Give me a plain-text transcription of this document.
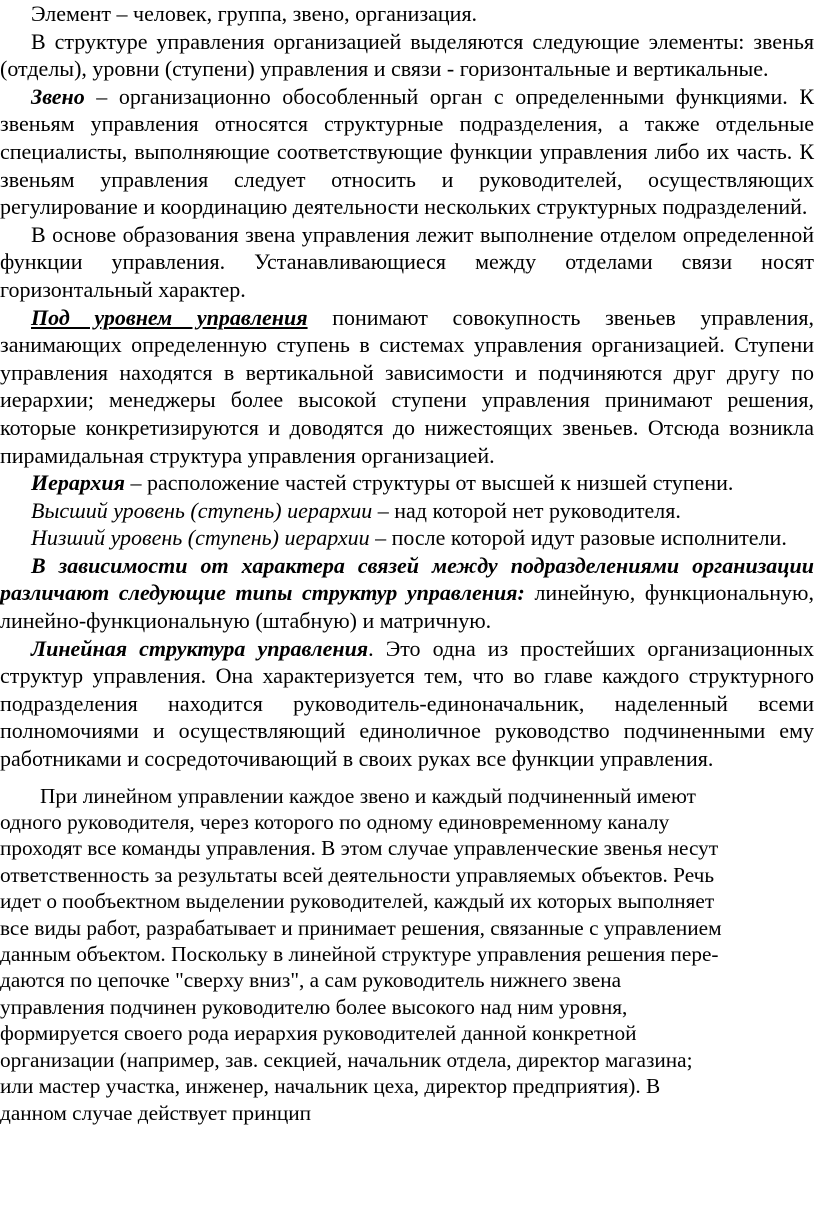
Элемент – человек, группа, звено, организация.

В структуре управления организацией выделяются следующие элементы: звенья (отделы), уровни (ступени) управления и связи - горизонтальные и вертикальные.

Звено – организационно обособленный орган с определенными функциями. К звеньям управления относятся структурные подразделения, а также отдельные специалисты, выполняющие соответствующие функции управления либо их часть. К звеньям управления следует относить и руководителей, осуществляющих регулирование и координацию деятельности нескольких структурных подразделений.

В основе образования звена управления лежит выполнение отделом определенной функции управления. Устанавливающиеся между отделами связи носят горизонтальный характер.

Под уровнем управления понимают совокупность звеньев управления, занимающих определенную ступень в системах управления организацией. Ступени управления находятся в вертикальной зависимости и подчиняются друг другу по иерархии; менеджеры более высокой ступени управления принимают решения, которые конкретизируются и доводятся до нижестоящих звеньев. Отсюда возникла пирамидальная структура управления организацией.

Иерархия – расположение частей структуры от высшей к низшей ступени.

Высший уровень (ступень) иерархии – над которой нет руководителя.

Низший уровень (ступень) иерархии – после которой идут разовые исполнители.

В зависимости от характера связей между подразделениями организации различают следующие типы структур управления: линейную, функциональную, линейно-функциональную (штабную) и матричную.

Линейная структура управления. Это одна из простейших организационных структур управления. Она характеризуется тем, что во главе каждого структурного подразделения находится руководитель-единоначальник, наделенный всеми полномочиями и осуществляющий единоличное руководство подчиненными ему работниками и сосредоточивающий в своих руках все функции управления.

При линейном управлении каждое звено и каждый подчиненный имеют

одного руководителя, через которого по одному единовременному каналу

проходят все команды управления. В этом случае управленческие звенья несут

ответственность за результаты всей деятельности управляемых объектов. Речь

идет о пообъектном выделении руководителей, каждый их которых выполняет

все виды работ, разрабатывает и принимает решения, связанные с управлением

данным объектом. Поскольку в линейной структуре управления решения пере-

даются по цепочке "сверху вниз", а сам руководитель нижнего звена

управления подчинен руководителю более высокого над ним уровня,

формируется своего рода иерархия руководителей данной конкретной

организации (например, зав. секцией, начальник отдела, директор магазина;

или мастер участка, инженер, начальник цеха, директор предприятия). В

данном случае действует принцип
